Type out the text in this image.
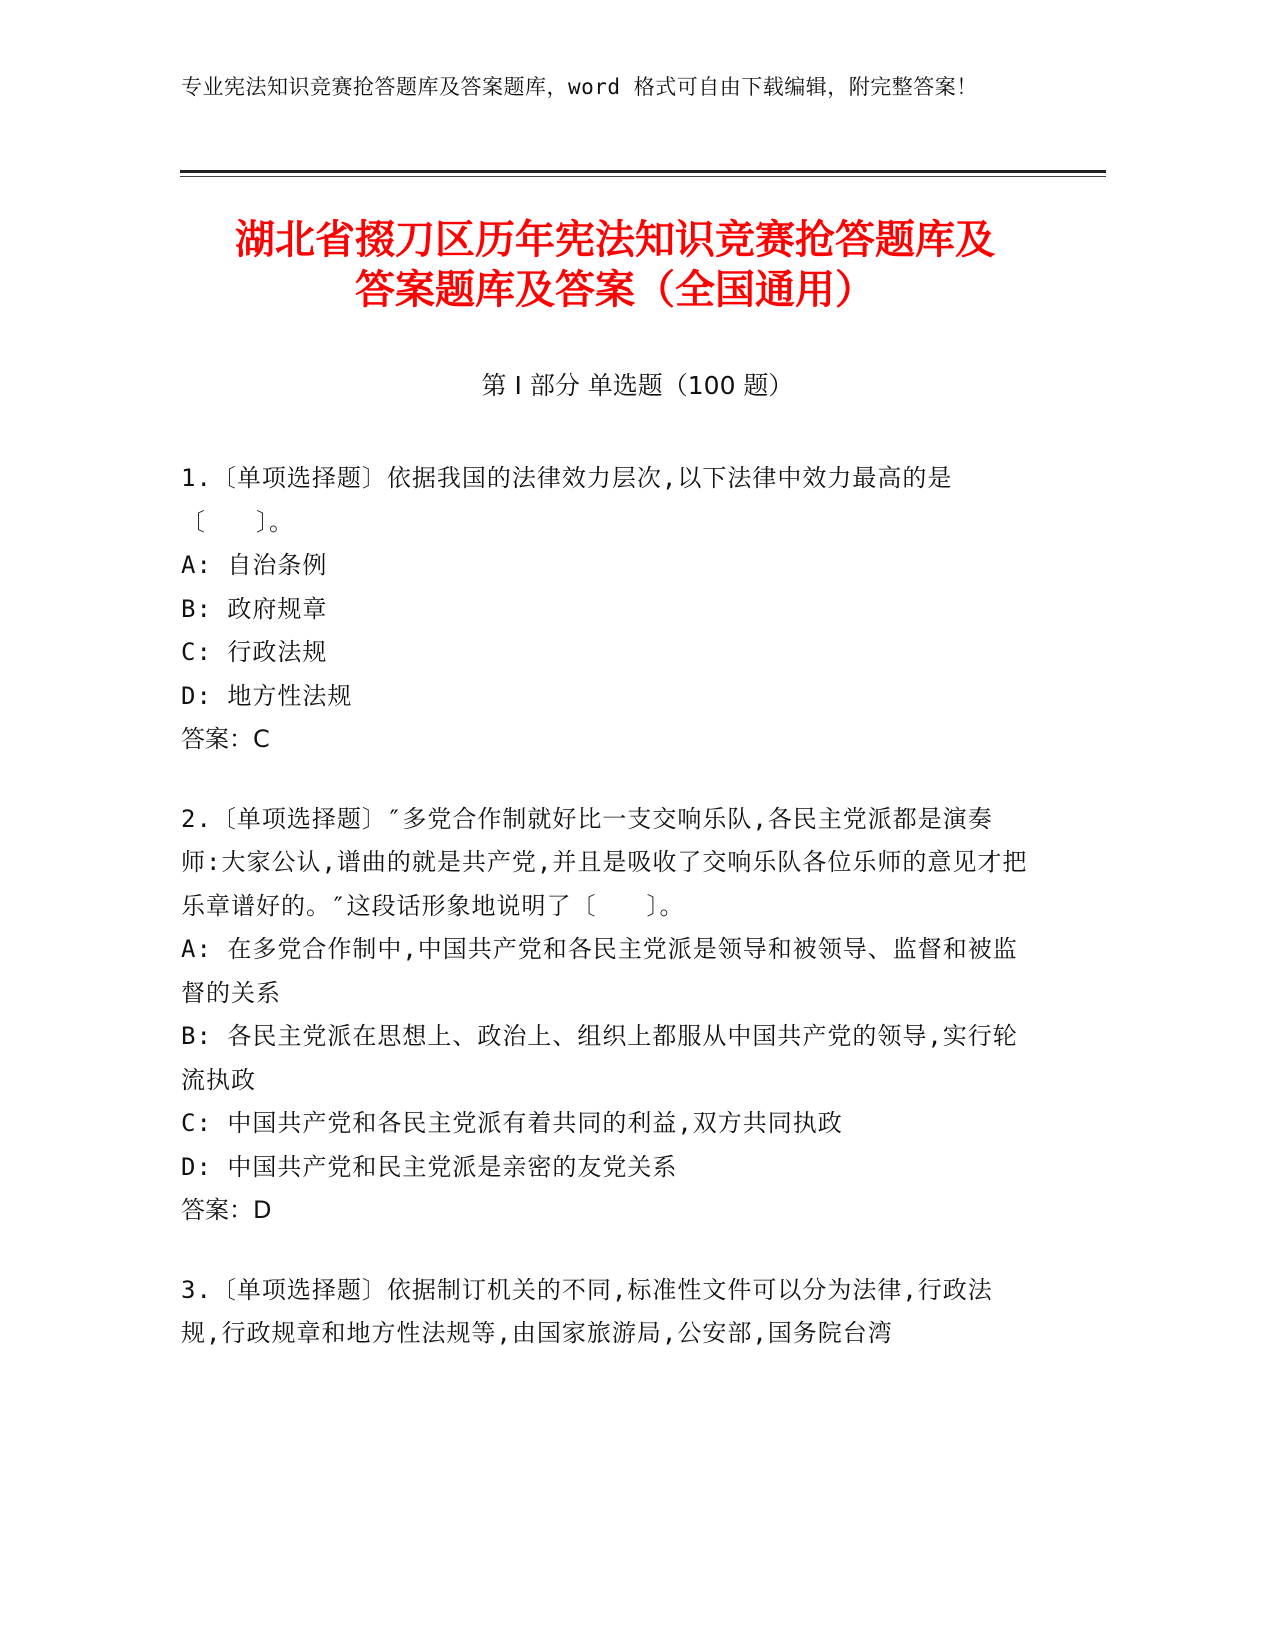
专业宪法知识竞赛抢答题库及答案题库，word 格式可自由下载编辑，附完整答案！
湖北省掇刀区历年宪法知识竞赛抢答题库及
答案题库及答案（全国通用）
第 I 部分 单选题（100 题）
1.〔单项选择题〕依据我国的法律效力层次,以下法律中效力最高的是〔　　〕。
A: 自治条例
B: 政府规章
C: 行政法规
D: 地方性法规
答案：C
2.〔单项选择题〕″多党合作制就好比一支交响乐队,各民主党派都是演奏师:大家公认,谱曲的就是共产党,并且是吸收了交响乐队各位乐师的意见才把乐章谱好的。″这段话形象地说明了〔　　〕。
A: 在多党合作制中,中国共产党和各民主党派是领导和被领导、监督和被监督的关系
B: 各民主党派在思想上、政治上、组织上都服从中国共产党的领导,实行轮流执政
C: 中国共产党和各民主党派有着共同的利益,双方共同执政
D: 中国共产党和民主党派是亲密的友党关系
答案：D
3.〔单项选择题〕依据制订机关的不同,标准性文件可以分为法律,行政法规,行政规章和地方性法规等,由国家旅游局,公安部,国务院台湾
